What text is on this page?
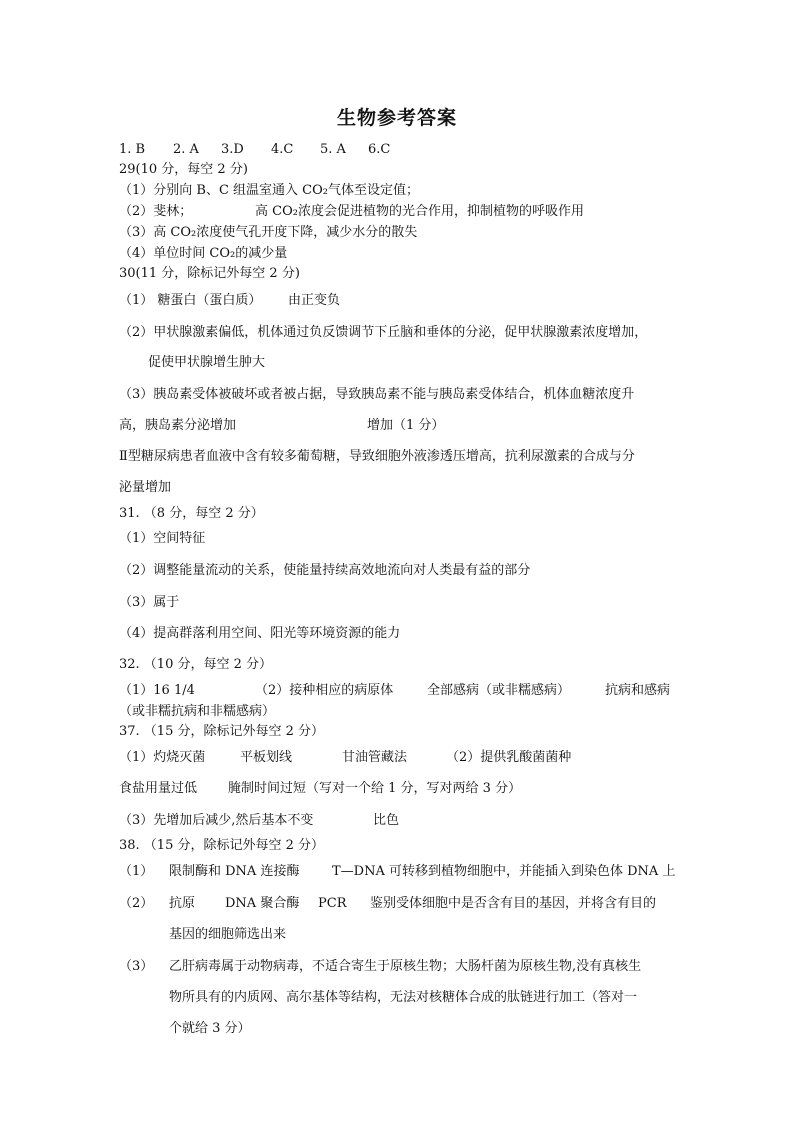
生物参考答案
1. B 2. A 3.D 4.C 5. A 6.C
29(10 分，每空 2 分)
（1）分别向 B、C 组温室通入 CO₂气体至设定值；
（2）斐林；	高 CO₂浓度会促进植物的光合作用，抑制植物的呼吸作用
（3）高 CO₂浓度使气孔开度下降，减少水分的散失
（4）单位时间 CO₂的减少量
30(11 分，除标记外每空 2 分)
（1） 糖蛋白（蛋白质） 由正变负
（2）甲状腺激素偏低，机体通过负反馈调节下丘脑和垂体的分泌，促甲状腺激素浓度增加，
促使甲状腺增生肿大
（3）胰岛素受体被破坏或者被占据，导致胰岛素不能与胰岛素受体结合，机体血糖浓度升
高，胰岛素分泌增加	增加（1 分）
Ⅱ型糖尿病患者血液中含有较多葡萄糖，导致细胞外液渗透压增高，抗利尿激素的合成与分
泌量增加
31. （8 分，每空 2 分）
（1）空间特征
（2）调整能量流动的关系，使能量持续高效地流向对人类最有益的部分
（3）属于
（4）提高群落利用空间、阳光等环境资源的能力
32. （10 分，每空 2 分）
（1）16 1/4	（2）接种相应的病原体	全部感病（或非糯感病）	抗病和感病
（或非糯抗病和非糯感病）
37. （15 分，除标记外每空 2 分）
（1）灼烧灭菌	平板划线	甘油管藏法	（2）提供乳酸菌菌种
食盐用量过低 腌制时间过短（写对一个给 1 分，写对两给 3 分）
（3）先增加后减少,然后基本不变	比色
38. （15 分，除标记外每空 2 分）
（1） 限制酶和 DNA 连接酶	T—DNA 可转移到植物细胞中，并能插入到染色体 DNA 上
（2） 抗原 DNA 聚合酶 PCR 鉴别受体细胞中是否含有目的基因，并将含有目的
基因的细胞筛选出来
（3） 乙肝病毒属于动物病毒，不适合寄生于原核生物；大肠杆菌为原核生物,没有真核生
物所具有的内质网、高尔基体等结构，无法对核糖体合成的肽链进行加工（答对一
个就给 3 分）
